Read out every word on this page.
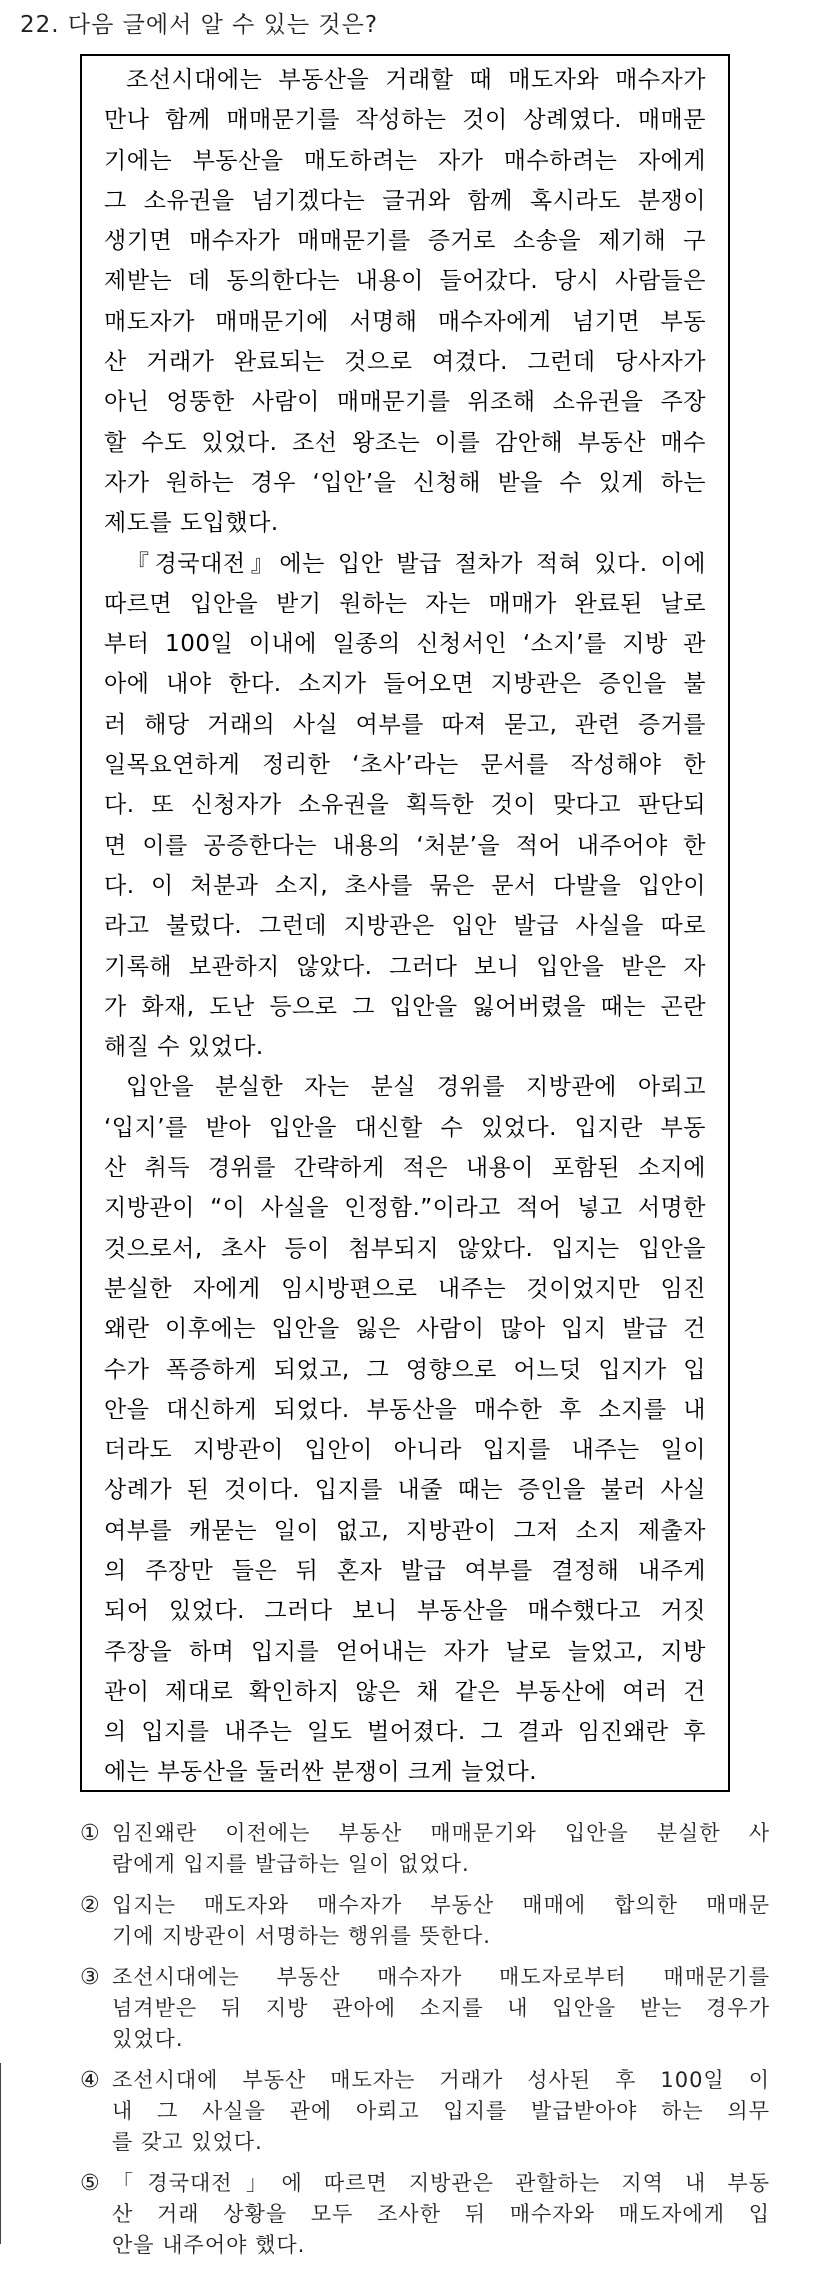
22. 다음 글에서 알 수 있는 것은?
조선시대에는 부동산을 거래할 때 매도자와 매수자가
만나 함께 매매문기를 작성하는 것이 상례였다. 매매문
기에는 부동산을 매도하려는 자가 매수하려는 자에게
그 소유권을 넘기겠다는 글귀와 함께 혹시라도 분쟁이
생기면 매수자가 매매문기를 증거로 소송을 제기해 구
제받는 데 동의한다는 내용이 들어갔다. 당시 사람들은
매도자가 매매문기에 서명해 매수자에게 넘기면 부동
산 거래가 완료되는 것으로 여겼다. 그런데 당사자가
아닌 엉뚱한 사람이 매매문기를 위조해 소유권을 주장
할 수도 있었다. 조선 왕조는 이를 감안해 부동산 매수
자가 원하는 경우 ‘입안’을 신청해 받을 수 있게 하는
제도를 도입했다.
『경국대전』에는 입안 발급 절차가 적혀 있다. 이에
따르면 입안을 받기 원하는 자는 매매가 완료된 날로
부터 100일 이내에 일종의 신청서인 ‘소지’를 지방 관
아에 내야 한다. 소지가 들어오면 지방관은 증인을 불
러 해당 거래의 사실 여부를 따져 묻고, 관련 증거를
일목요연하게 정리한 ‘초사’라는 문서를 작성해야 한
다. 또 신청자가 소유권을 획득한 것이 맞다고 판단되
면 이를 공증한다는 내용의 ‘처분’을 적어 내주어야 한
다. 이 처분과 소지, 초사를 묶은 문서 다발을 입안이
라고 불렀다. 그런데 지방관은 입안 발급 사실을 따로
기록해 보관하지 않았다. 그러다 보니 입안을 받은 자
가 화재, 도난 등으로 그 입안을 잃어버렸을 때는 곤란
해질 수 있었다.
입안을 분실한 자는 분실 경위를 지방관에 아뢰고
‘입지’를 받아 입안을 대신할 수 있었다. 입지란 부동
산 취득 경위를 간략하게 적은 내용이 포함된 소지에
지방관이 “이 사실을 인정함.”이라고 적어 넣고 서명한
것으로서, 초사 등이 첨부되지 않았다. 입지는 입안을
분실한 자에게 임시방편으로 내주는 것이었지만 임진
왜란 이후에는 입안을 잃은 사람이 많아 입지 발급 건
수가 폭증하게 되었고, 그 영향으로 어느덧 입지가 입
안을 대신하게 되었다. 부동산을 매수한 후 소지를 내
더라도 지방관이 입안이 아니라 입지를 내주는 일이
상례가 된 것이다. 입지를 내줄 때는 증인을 불러 사실
여부를 캐묻는 일이 없고, 지방관이 그저 소지 제출자
의 주장만 들은 뒤 혼자 발급 여부를 결정해 내주게
되어 있었다. 그러다 보니 부동산을 매수했다고 거짓
주장을 하며 입지를 얻어내는 자가 날로 늘었고, 지방
관이 제대로 확인하지 않은 채 같은 부동산에 여러 건
의 입지를 내주는 일도 벌어졌다. 그 결과 임진왜란 후
에는 부동산을 둘러싼 분쟁이 크게 늘었다.
① 임진왜란 이전에는 부동산 매매문기와 입안을 분실한 사
람에게 입지를 발급하는 일이 없었다.
② 입지는 매도자와 매수자가 부동산 매매에 합의한 매매문
기에 지방관이 서명하는 행위를 뜻한다.
③ 조선시대에는 부동산 매수자가 매도자로부터 매매문기를
넘겨받은 뒤 지방 관아에 소지를 내 입안을 받는 경우가
있었다.
④ 조선시대에 부동산 매도자는 거래가 성사된 후 100일 이
내 그 사실을 관에 아뢰고 입지를 발급받아야 하는 의무
를 갖고 있었다.
⑤ 「경국대전」에 따르면 지방관은 관할하는 지역 내 부동
산 거래 상황을 모두 조사한 뒤 매수자와 매도자에게 입
안을 내주어야 했다.
